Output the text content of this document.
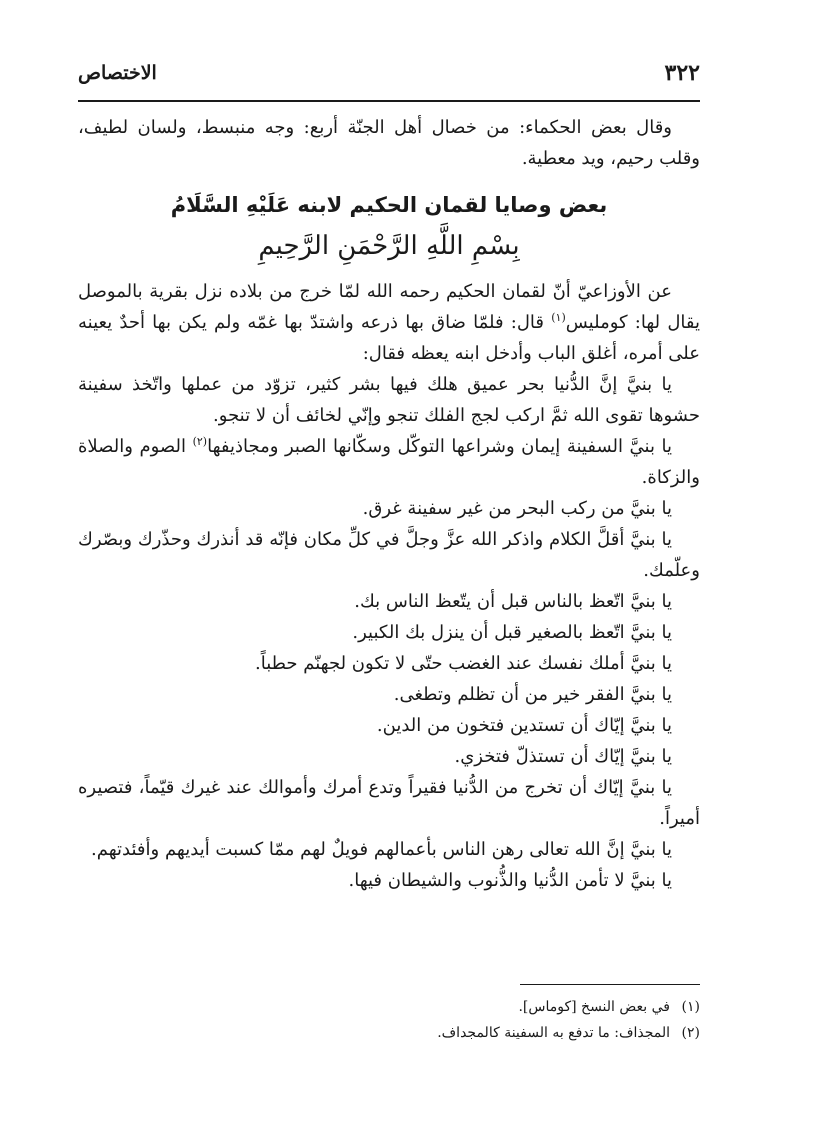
٣٢٢
الاختصاص

وقال بعض الحكماء: من خصال أهل الجنّة أربع: وجه منبسط، ولسان لطيف، وقلب رحيم، ويد معطية.

بعض وصايا لقمان الحكيم لابنه عَلَيْهِ السَّلَامُ
بِسْمِ اللَّهِ الرَّحْمَنِ الرَّحِيمِ

عن الأوزاعيّ أنّ لقمان الحكيم رحمه الله لمّا خرج من بلاده نزل بقرية بالموصل يقال لها: كومليس$^{(١)}$ قال: فلمّا ضاق بها ذرعه واشتدّ بها غمّه ولم يكن بها أحدٌ يعينه على أمره، أغلق الباب وأدخل ابنه يعظه فقال:

يا بنيَّ إنَّ الدُّنيا بحر عميق هلك فيها بشر كثير، تزوّد من عملها واتّخذ سفينة حشوها تقوى الله ثمَّ اركب لجج الفلك تنجو وإنّي لخائف أن لا تنجو.

يا بنيَّ السفينة إيمان وشراعها التوكّل وسكّانها الصبر ومجاذيفها$^{(٢)}$ الصوم والصلاة والزكاة.

يا بنيَّ من ركب البحر من غير سفينة غرق.

يا بنيَّ أقلَّ الكلام واذكر الله عزَّ وجلَّ في كلِّ مكان فإنّه قد أنذرك وحذّرك وبصّرك وعلّمك.

يا بنيَّ اتّعظ بالناس قبل أن يتّعظ الناس بك.

يا بنيَّ اتّعظ بالصغير قبل أن ينزل بك الكبير.

يا بنيَّ أملك نفسك عند الغضب حتّى لا تكون لجهنّم حطباً.

يا بنيَّ الفقر خير من أن تظلم وتطغى.

يا بنيَّ إيّاك أن تستدين فتخون من الدين.

يا بنيَّ إيّاك أن تستذلّ فتخزي.

يا بنيَّ إيّاك أن تخرج من الدُّنيا فقيراً وتدع أمرك وأموالك عند غيرك قيّماً، فتصيره أميراً.

يا بنيَّ إنَّ الله تعالى رهن الناس بأعمالهم فويلٌ لهم ممّا كسبت أيديهم وأفئدتهم.

يا بنيَّ لا تأمن الدُّنيا والذُّنوب والشيطان فيها.

(١)في بعض النسخ [كوماس].

(٢)المجذاف: ما تدفع به السفينة كالمجداف.
